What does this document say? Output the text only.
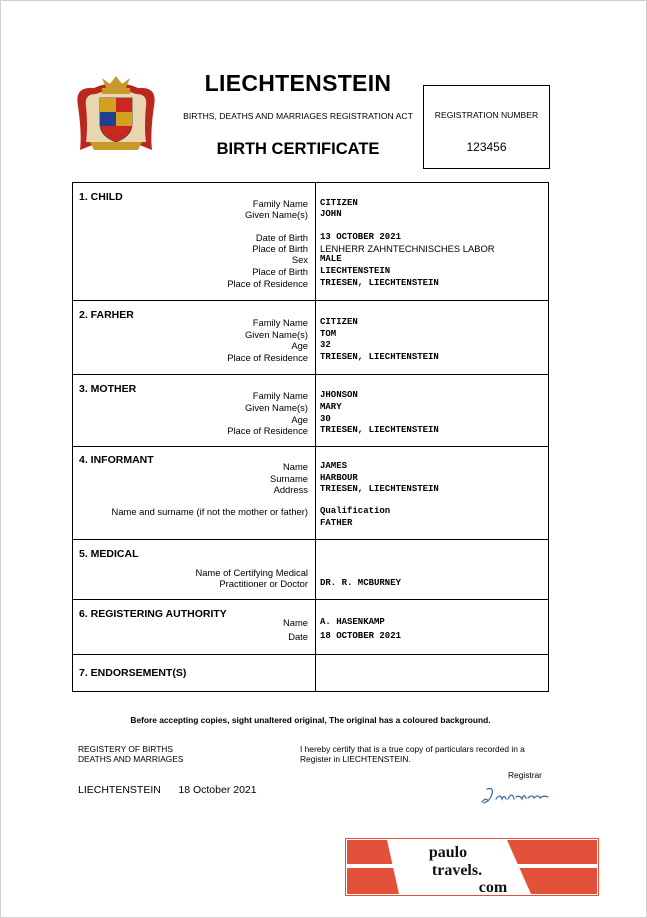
LIECHTENSTEIN
BIRTHS, DEATHS AND MARRIAGES REGISTRATION ACT
BIRTH CERTIFICATE
REGISTRATION NUMBER
123456
1. CHILD
Family Name CITIZEN
Given Name(s) JOHN
Date of Birth 13 OCTOBER 2021
Place of Birth LENHERR ZAHNTECHNISCHES LABOR
Sex MALE
Place of Birth LIECHTENSTEIN
Place of Residence TRIESEN, LIECHTENSTEIN
2. FARHER
Family Name CITIZEN
Given Name(s) TOM
Age 32
Place of Residence TRIESEN, LIECHTENSTEIN
3. MOTHER
Family Name JHONSON
Given Name(s) MARY
Age 30
Place of Residence TRIESEN, LIECHTENSTEIN
4. INFORMANT
Name JAMES
Surname HARBOUR
Address TRIESEN, LIECHTENSTEIN
Name and surname (if not the mother or father) Qualification
FATHER
5. MEDICAL
Name of Certifying Medical
Practitioner or Doctor DR. R. MCBURNEY
6. REGISTERING AUTHORITY
Name A. HASENKAMP
Date 18 OCTOBER 2021
7. ENDORSEMENT(S)
Before accepting copies, sight unaltered original, The original has a coloured background.
REGISTERY OF BIRTHS
DEATHS AND MARRIAGES
I hereby certify that is a true copy of particulars recorded in a
Register in LIECHTENSTEIN.
Registrar
LIECHTENSTEIN 18 October 2021
paulo
travels.
com
